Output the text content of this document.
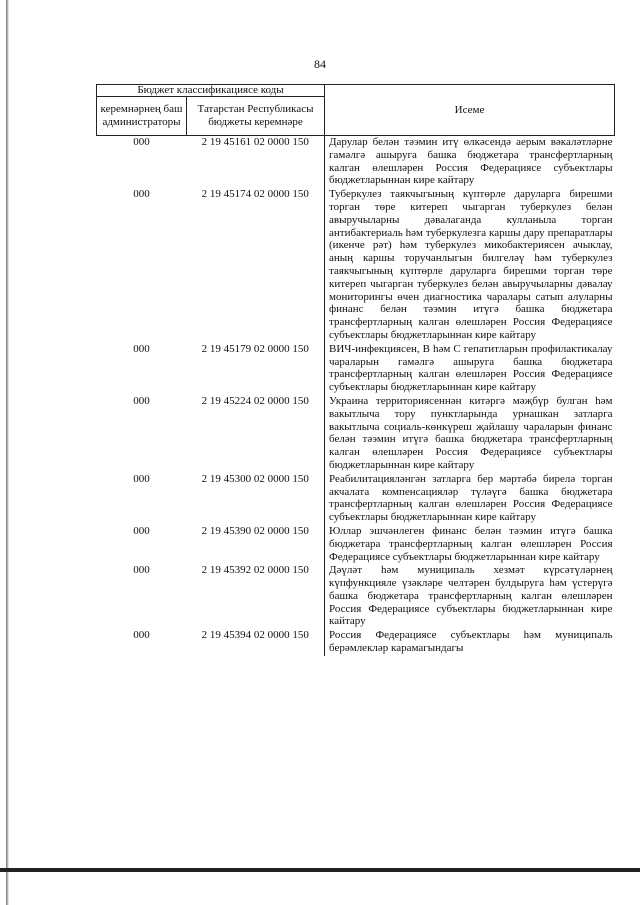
84
Бюджет классификациясе коды		Исеме
керемнәрнең баш администраторы	Татарстан Республикасы бюджеты керемнәре	
000	2 19 45161 02 0000 150	Дарулар белән тәэмин итү өлкәсендә аерым вәкаләтләрне гамәлгә ашыруга башка бюджетара трансфертларның калган өлешләрен Россия Федерациясе субъектлары бюджетларыннан кире кайтару

000	2 19 45174 02 0000 150	Туберкулез таякчыгының күптөрле даруларга бирешми торган төре китереп чыгарган туберкулез белән авыручыларны дәвалаганда кулланыла торган антибактериаль һәм туберкулезга каршы дару препаратлары (икенче рәт) һәм туберкулез микобактериясен ачыклау, аның каршы торучанлыгын билгеләү һәм туберкулез таякчыгының күптөрле даруларга бирешми торган төре китереп чыгарган туберкулез белән авыручыларны дәвалау мониторингы өчен диагностика чаралары сатып алуларны финанс белән тәэмин итүгә башка бюджетара трансфертларның калган өлешләрен Россия Федерациясе субъектлары бюджетларыннан кире кайтару

000	2 19 45179 02 0000 150	ВИЧ-инфекциясен, В һәм С гепатитларын профилактикалау чараларын гамәлгә ашыруга башка бюджетара трансфертларның калган өлешләрен Россия Федерациясе субъектлары бюджетларыннан кире кайтару

000	2 19 45224 02 0000 150	Украина территориясеннән китәргә мәҗбүр булган һәм вакытлыча тору пунктларында урнашкан затларга вакытлыча социаль-көнкүреш җайлашу чараларын финанс белән тәэмин итүгә башка бюджетара трансфертларның калган өлешләрен Россия Федерациясе субъектлары бюджетларыннан кире кайтару

000	2 19 45300 02 0000 150	Реабилитацияләнгән затларга бер мәртәбә бирелә торган акчалата компенсацияләр түләүгә башка бюджетара трансфертларның калган өлешләрен Россия Федерациясе субъектлары бюджетларыннан кире кайтару

000	2 19 45390 02 0000 150	Юллар эшчәнлеген финанс белән тәэмин итүгә башка бюджетара трансфертларның калган өлешләрен Россия Федерациясе субъектлары бюджетларыннан кире кайтару

000	2 19 45392 02 0000 150	Дәүләт һәм муниципаль хезмәт күрсәтүләрнең күпфункцияле үзәкләре челтәрен булдыруга һәм үстерүгә башка бюджетара трансфертларның калган өлешләрен Россия Федерациясе субъектлары бюджетларыннан кире кайтару

000	2 19 45394 02 0000 150	Россия Федерациясе субъектлары һәм муниципаль берәмлекләр карамагындагы
